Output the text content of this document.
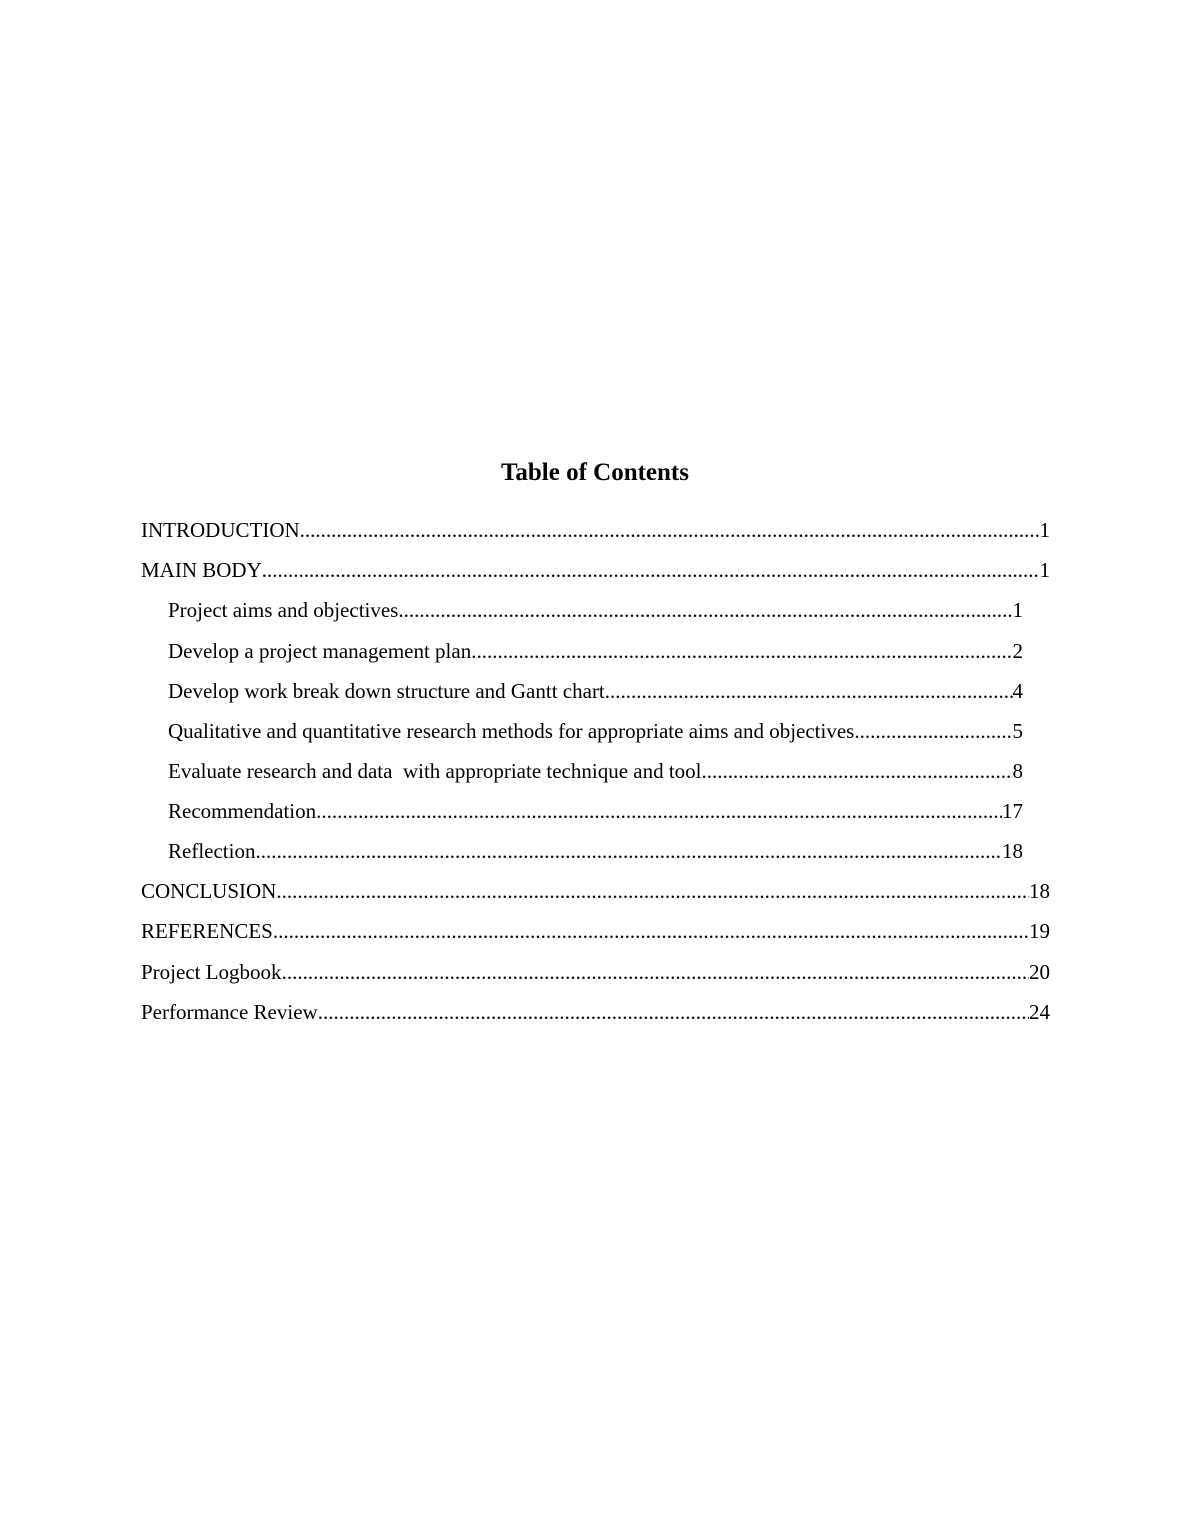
Table of Contents
INTRODUCTION .....	1
MAIN BODY .....	1
Project aims and objectives .....	1
Develop a project management plan .....	2
Develop work break down structure and Gantt chart .....	4
Qualitative and quantitative research methods for appropriate aims and objectives .....	5
Evaluate research and data  with appropriate technique and tool .....	8
Recommendation .....	17
Reflection .....	18
CONCLUSION .....	18
REFERENCES .....	19
Project Logbook .....	20
Performance Review .....	24
